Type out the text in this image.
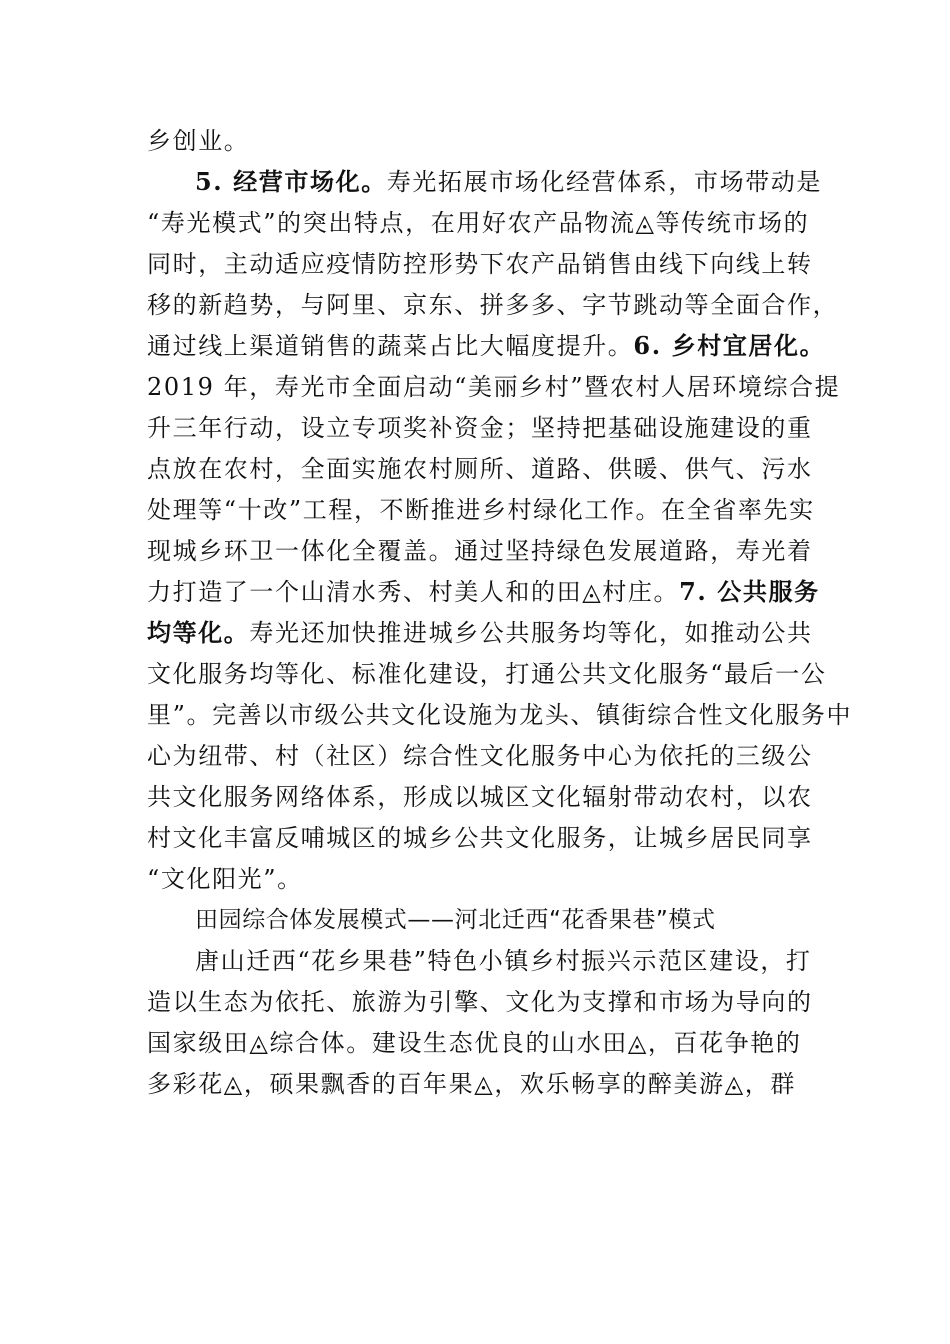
乡创业。
5. 经营市场化。寿光拓展市场化经营体系，市场带动是
“寿光模式”的突出特点，在用好农产品物流◬等传统市场的
同时，主动适应疫情防控形势下农产品销售由线下向线上转
移的新趋势，与阿里、京东、拼多多、字节跳动等全面合作，
通过线上渠道销售的蔬菜占比大幅度提升。6. 乡村宜居化。
2019 年，寿光市全面启动“美丽乡村”暨农村人居环境综合提
升三年行动，设立专项奖补资金；坚持把基础设施建设的重
点放在农村，全面实施农村厕所、道路、供暖、供气、污水
处理等“十改”工程，不断推进乡村绿化工作。在全省率先实
现城乡环卫一体化全覆盖。通过坚持绿色发展道路，寿光着
力打造了一个山清水秀、村美人和的田◬村庄。7. 公共服务
均等化。寿光还加快推进城乡公共服务均等化，如推动公共
文化服务均等化、标准化建设，打通公共文化服务“最后一公
里”。完善以市级公共文化设施为龙头、镇街综合性文化服务中
心为纽带、村（社区）综合性文化服务中心为依托的三级公
共文化服务网络体系，形成以城区文化辐射带动农村，以农
村文化丰富反哺城区的城乡公共文化服务，让城乡居民同享
“文化阳光”。
田园综合体发展模式——河北迁西“花香果巷”模式
唐山迁西“花乡果巷”特色小镇乡村振兴示范区建设，打
造以生态为依托、旅游为引擎、文化为支撑和市场为导向的
国家级田◬综合体。建设生态优良的山水田◬，百花争艳的
多彩花◬，硕果飘香的百年果◬，欢乐畅享的醉美游◬，群
